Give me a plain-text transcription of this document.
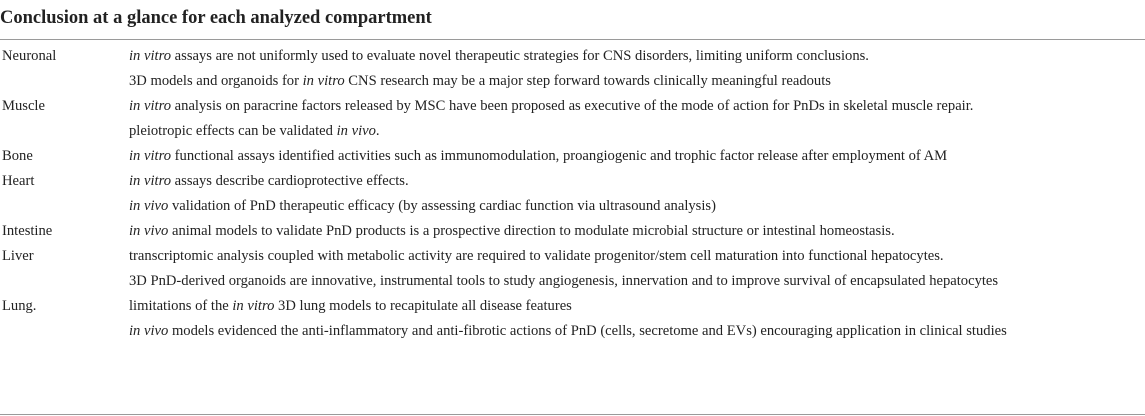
Conclusion at a glance for each analyzed compartment
Neuronal	in vitro assays are not uniformly used to evaluate novel therapeutic strategies for CNS disorders, limiting uniform conclusions.
	3D models and organoids for in vitro CNS research may be a major step forward towards clinically meaningful readouts
Muscle	in vitro analysis on paracrine factors released by MSC have been proposed as executive of the mode of action for PnDs in skeletal muscle repair.
	pleiotropic effects can be validated in vivo.
Bone	in vitro functional assays identified activities such as immunomodulation, proangiogenic and trophic factor release after employment of AM
Heart	in vitro assays describe cardioprotective effects.
	in vivo validation of PnD therapeutic efficacy (by assessing cardiac function via ultrasound analysis)
Intestine	in vivo animal models to validate PnD products is a prospective direction to modulate microbial structure or intestinal homeostasis.
Liver	transcriptomic analysis coupled with metabolic activity are required to validate progenitor/stem cell maturation into functional hepatocytes.
	3D PnD-derived organoids are innovative, instrumental tools to study angiogenesis, innervation and to improve survival of encapsulated hepatocytes
Lung.	limitations of the in vitro 3D lung models to recapitulate all disease features
	in vivo models evidenced the anti-inflammatory and anti-fibrotic actions of PnD (cells, secretome and EVs) encouraging application in clinical studies
